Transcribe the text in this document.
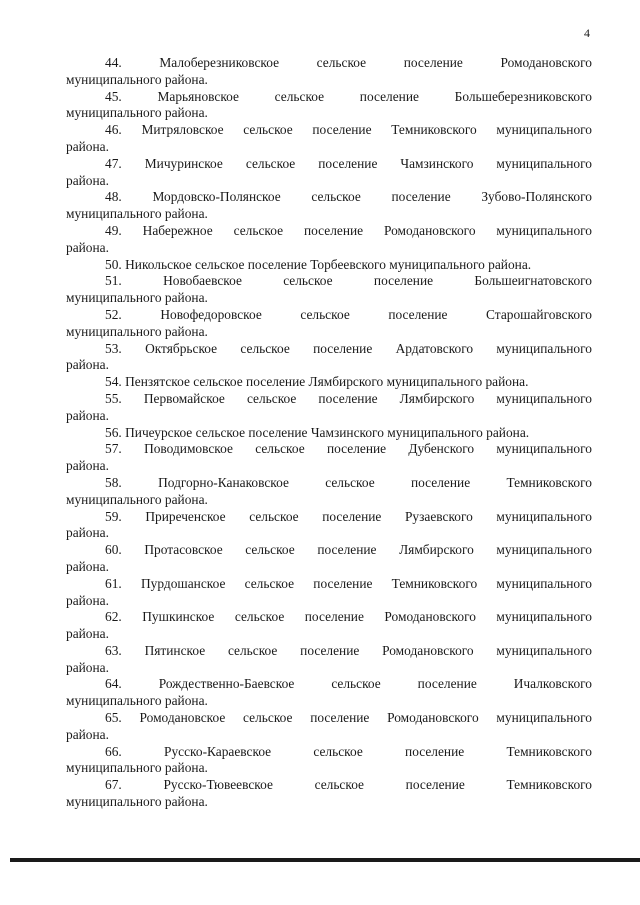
4

44.	Малоберезниковское сельское поселение Ромодановского
муниципального района.

45.	Марьяновское сельское поселение Большеберезниковского
муниципального района.

46. Митряловское сельское поселение Темниковского муниципального
района.

47. Мичуринское сельское поселение Чамзинского муниципального
района.

48. Мордовско-Полянское сельское поселение Зубово-Полянского
муниципального района.

49. Набережное сельское поселение Ромодановского муниципального
района.

50. Никольское сельское поселение Торбеевского муниципального района.

51.	Новобаевское сельское поселение Большеигнатовского
муниципального района.

52.	Новофедоровское сельское поселение Старошайговского
муниципального района.

53. Октябрьское сельское поселение Ардатовского муниципального
района.

54. Пензятское сельское поселение Лямбирского муниципального района.

55. Первомайское сельское поселение Лямбирского муниципального
района.

56. Пичеурское сельское поселение Чамзинского муниципального района.

57. Поводимовское сельское поселение Дубенского муниципального
района.

58.	Подгорно-Канаковское сельское поселение Темниковского
муниципального района.

59. Приреченское сельское поселение Рузаевского муниципального
района.

60. Протасовское сельское поселение Лямбирского муниципального
района.

61. Пурдошанское сельское поселение Темниковского муниципального
района.

62. Пушкинское сельское поселение Ромодановского муниципального
района.

63. Пятинское сельское поселение Ромодановского муниципального
района.

64.	Рождественно-Баевское сельское поселение Ичалковского
муниципального района.

65. Ромодановское сельское поселение Ромодановского муниципального
района.

66.	Русско-Караевское сельское поселение Темниковского
муниципального района.

67.	Русско-Тювеевское сельское поселение Темниковского
муниципального района.
